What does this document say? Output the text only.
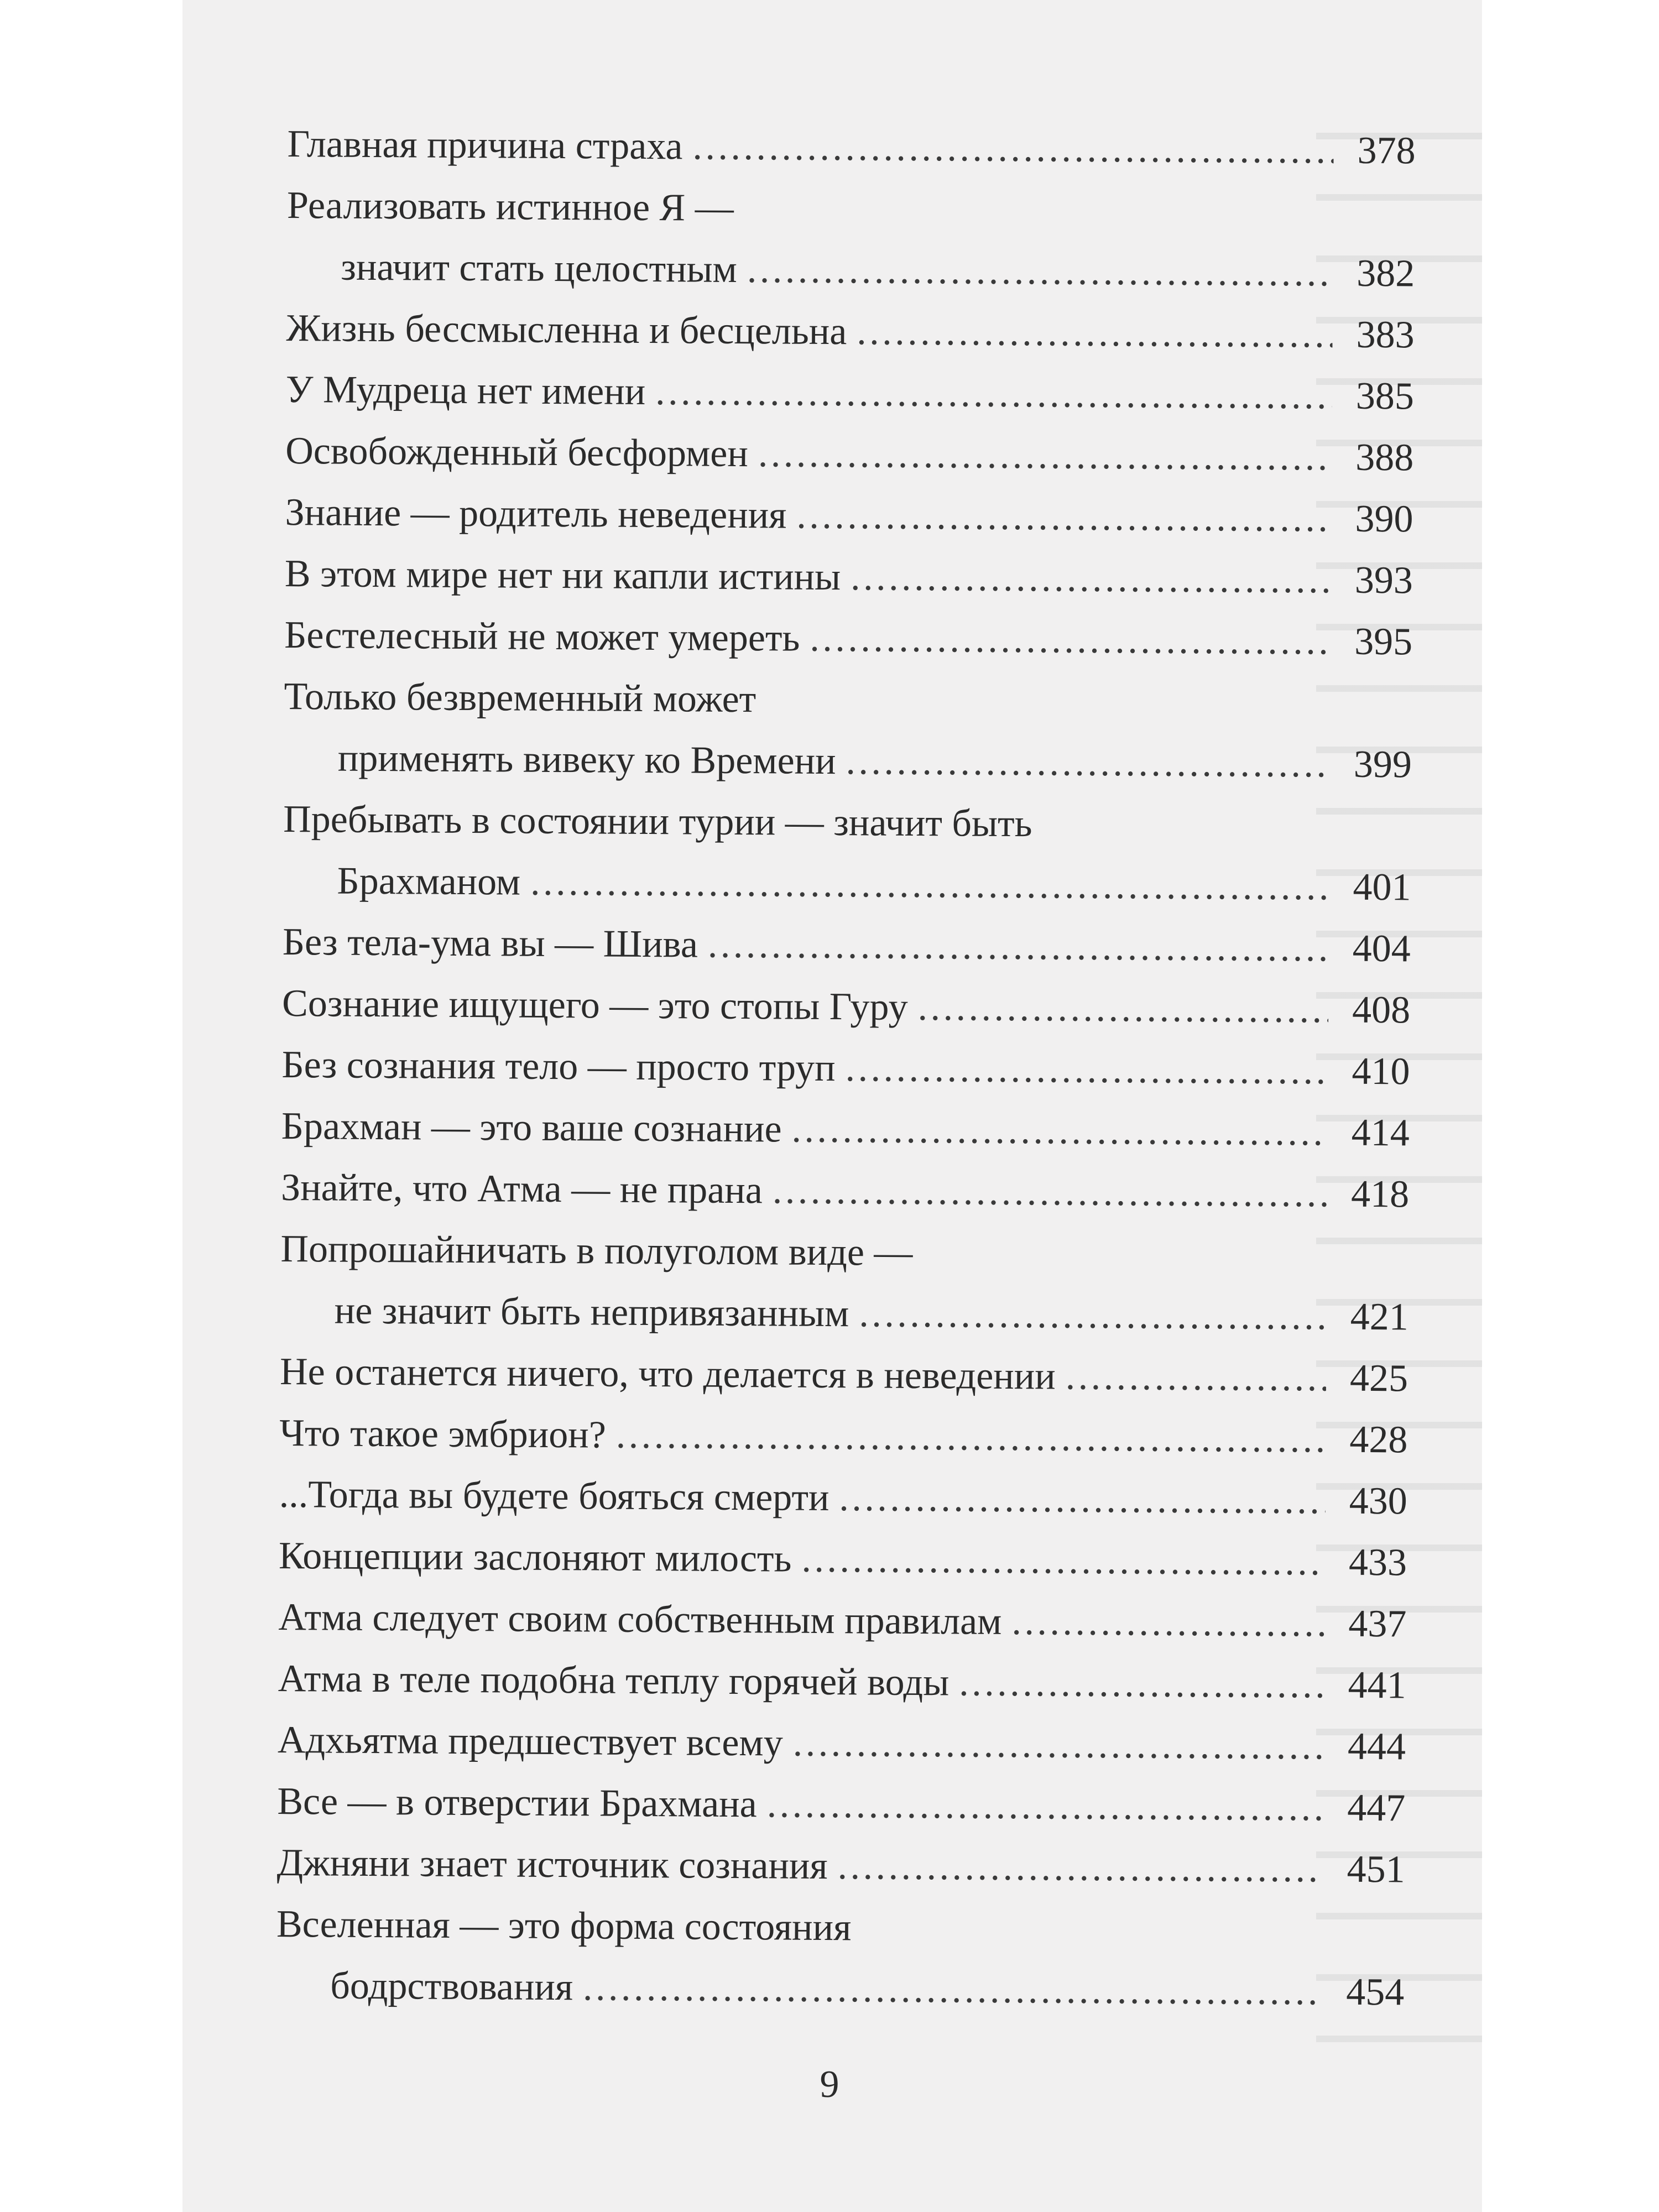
Главная причина страха . . .	378
Реализовать истинное Я —
значит стать целостным . . .	382
Жизнь бессмысленна и бесцельна . . .	383
У Мудреца нет имени . . .	385
Освобожденный бесформен . . .	388
Знание — родитель неведения . . .	390
В этом мире нет ни капли истины . . .	393
Бестелесный не может умереть . . .	395
Только безвременный может
применять вивеку ко Времени . . .	399
Пребывать в состоянии турии — значит быть
Брахманом . . .	401
Без тела-ума вы — Шива . . .	404
Сознание ищущего — это стопы Гуру . . .	408
Без сознания тело — просто труп . . .	410
Брахман — это ваше сознание . . .	414
Знайте, что Атма — не прана . . .	418
Попрошайничать в полуголом виде —
не значит быть непривязанным . . .	421
Не останется ничего, что делается в неведении . . .	425
Что такое эмбрион? . . .	428
...Тогда вы будете бояться смерти . . .	430
Концепции заслоняют милость . . .	433
Атма следует своим собственным правилам . . .	437
Атма в теле подобна теплу горячей воды . . .	441
Адхьятма предшествует всему . . .	444
Все — в отверстии Брахмана . . .	447
Джняни знает источник сознания . . .	451
Вселенная — это форма состояния
бодрствования . . .	454
9
